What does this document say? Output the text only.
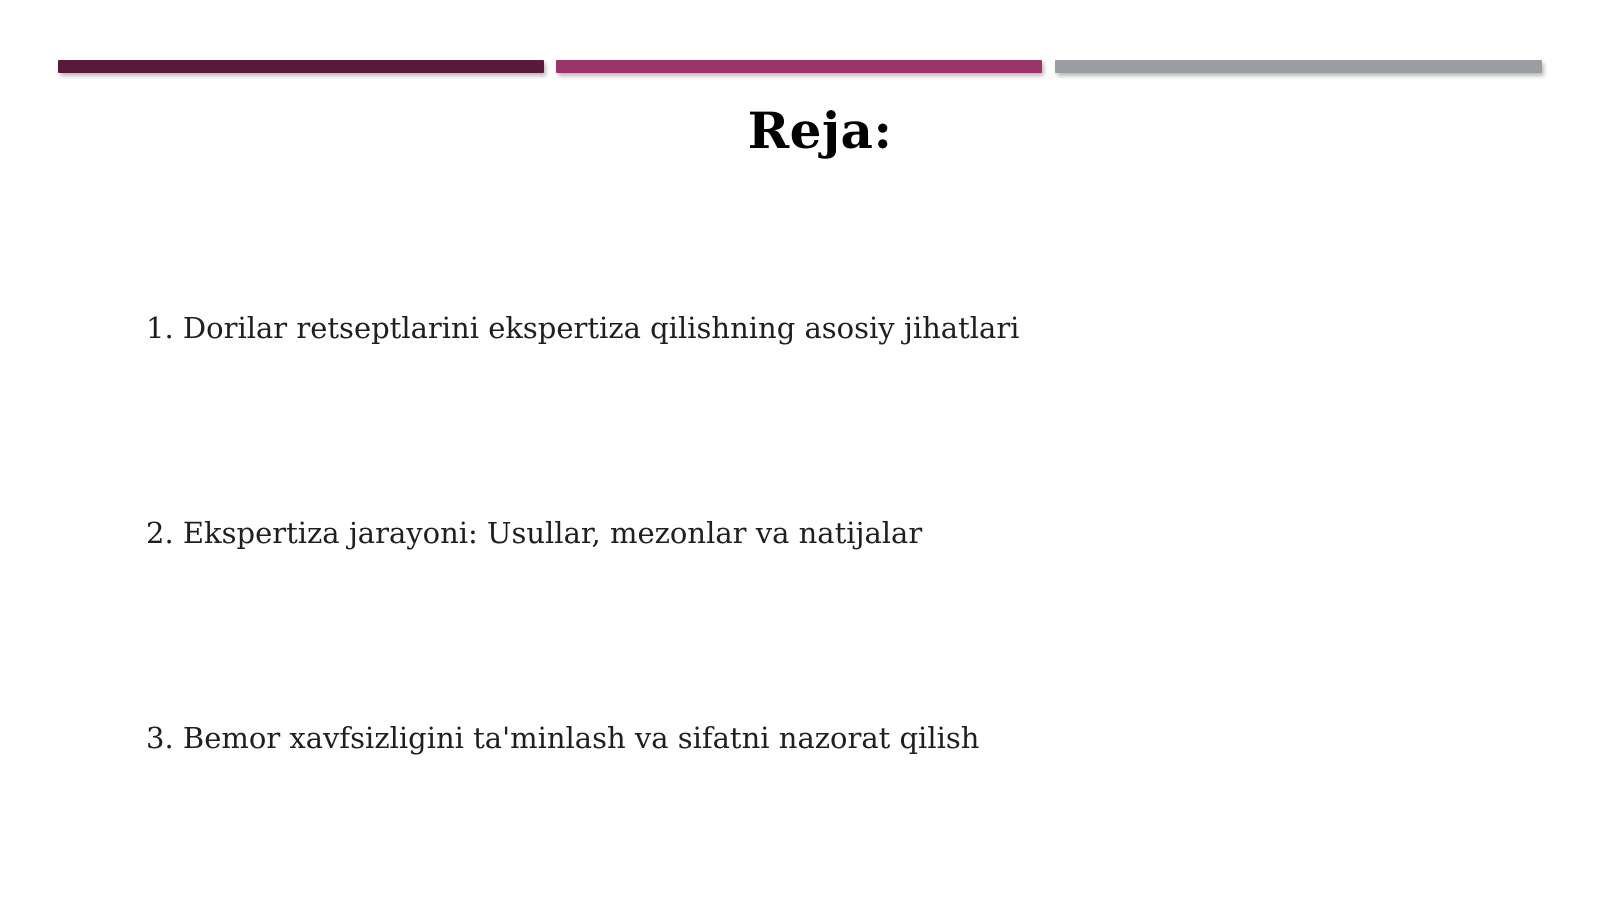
Reja:
1. Dorilar retseptlarini ekspertiza qilishning asosiy jihatlari
2. Ekspertiza jarayoni: Usullar, mezonlar va natijalar
3. Bemor xavfsizligini ta'minlash va sifatni nazorat qilish
